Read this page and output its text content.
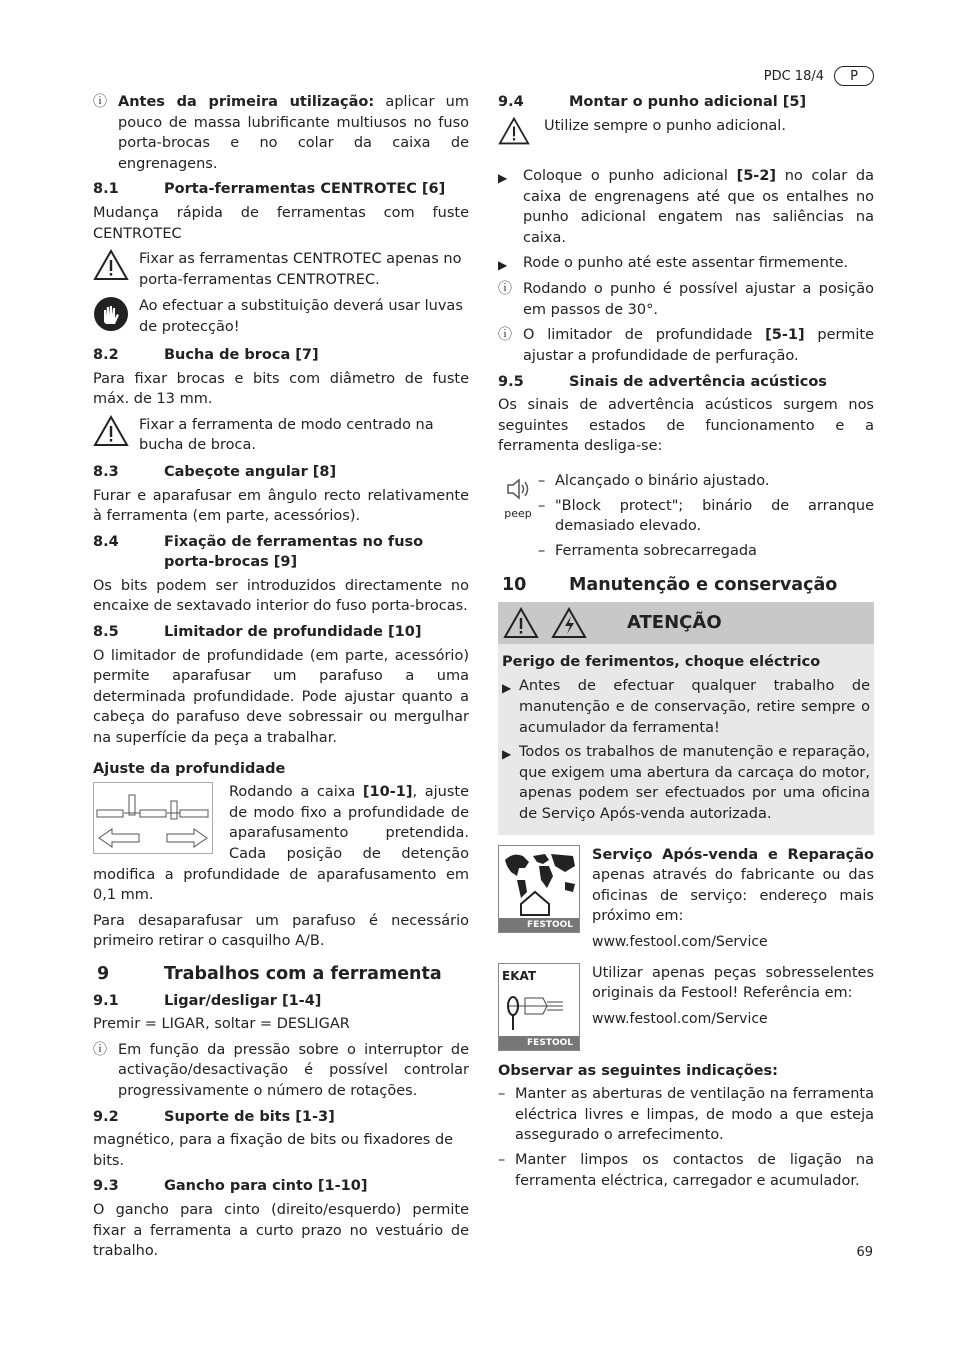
PDC 18/4	P
ⓘ Antes da primeira utilização: aplicar um pouco de massa lubrificante multiusos no fuso porta-brocas e no colar da caixa de engrenagens.
8.1	Porta-ferramentas CENTROTEC [6]

Mudança rápida de ferramentas com fuste CENTROTEC

Fixar as ferramentas CENTROTEC apenas no porta-ferramentas CENTROTREC.
Ao efectuar a substituição deverá usar luvas de protecção!
8.2	Bucha de broca [7]

Para fixar brocas e bits com diâmetro de fuste máx. de 13 mm.

Fixar a ferramenta de modo centrado na bucha de broca.
8.3	Cabeçote angular [8]

Furar e aparafusar em ângulo recto relativamente à ferramenta (em parte, acessórios).

8.4	Fixação de ferramentas no fuso porta-brocas [9]

Os bits podem ser introduzidos directamente no encaixe de sextavado interior do fuso porta-brocas.

8.5	Limitador de profundidade [10]

O limitador de profundidade (em parte, acessório) permite aparafusar um parafuso a uma determinada profundidade. Pode ajustar quanto a cabeça do parafuso deve sobressair ou mergulhar na superfície da peça a trabalhar.

Ajuste da profundidade

Rodando a caixa [10-1], ajuste de modo fixo a profundidade de aparafusamento pretendida. Cada posição de detenção modifica a profundidade de aparafusamento em 0,1 mm.

Para desaparafusar um parafuso é necessário primeiro retirar o casquilho A/B.

9	Trabalhos com a ferramenta
9.1	Ligar/desligar [1-4]

Premir = LIGAR, soltar = DESLIGAR

ⓘ Em função da pressão sobre o interruptor de activação/desactivação é possível controlar progressivamente o número de rotações.
9.2	Suporte de bits [1-3]

magnético, para a fixação de bits ou fixadores de bits.

9.3	Gancho para cinto [1-10]

O gancho para cinto (direito/esquerdo) permite fixar a ferramenta a curto prazo no vestuário de trabalho.

9.4	Montar o punho adicional [5]
Utilize sempre o punho adicional.
▶	Coloque o punho adicional [5-2] no colar da caixa de engrenagens até que os entalhes no punho adicional engatem nas saliências na caixa.
▶	Rode o punho até este assentar firmemente.
ⓘ Rodando o punho é possível ajustar a posição em passos de 30°.
ⓘ O limitador de profundidade [5-1] permite ajustar a profundidade de perfuração.
9.5	Sinais de advertência acústicos

Os sinais de advertência acústicos surgem nos seguintes estados de funcionamento e a ferramenta desliga-se:

peep
– Alcançado o binário ajustado.
– "Block protect"; binário de arranque demasiado elevado.
– Ferramenta sobrecarregada
10	Manutenção e conservação
ATENÇÃO
Perigo de ferimentos, choque eléctrico
▶ Antes de efectuar qualquer trabalho de manutenção e de conservação, retire sempre o acumulador da ferramenta!
▶ Todos os trabalhos de manutenção e reparação, que exigem uma abertura da carcaça do motor, apenas podem ser efectuados por uma oficina de Serviço Após-venda autorizada.
FESTOOL

Serviço Após-venda e Reparação apenas através do fabricante ou das oficinas de serviço: endereço mais próximo em:

www.festool.com/Service
EKAT
FESTOOL

Utilizar apenas peças sobresselentes originais da Festool! Referência em:

www.festool.com/Service
Observar as seguintes indicações:
– Manter as aberturas de ventilação na ferramenta eléctrica livres e limpas, de modo a que esteja assegurado o arrefecimento.
– Manter limpos os contactos de ligação na ferramenta eléctrica, carregador e acumulador.
69
